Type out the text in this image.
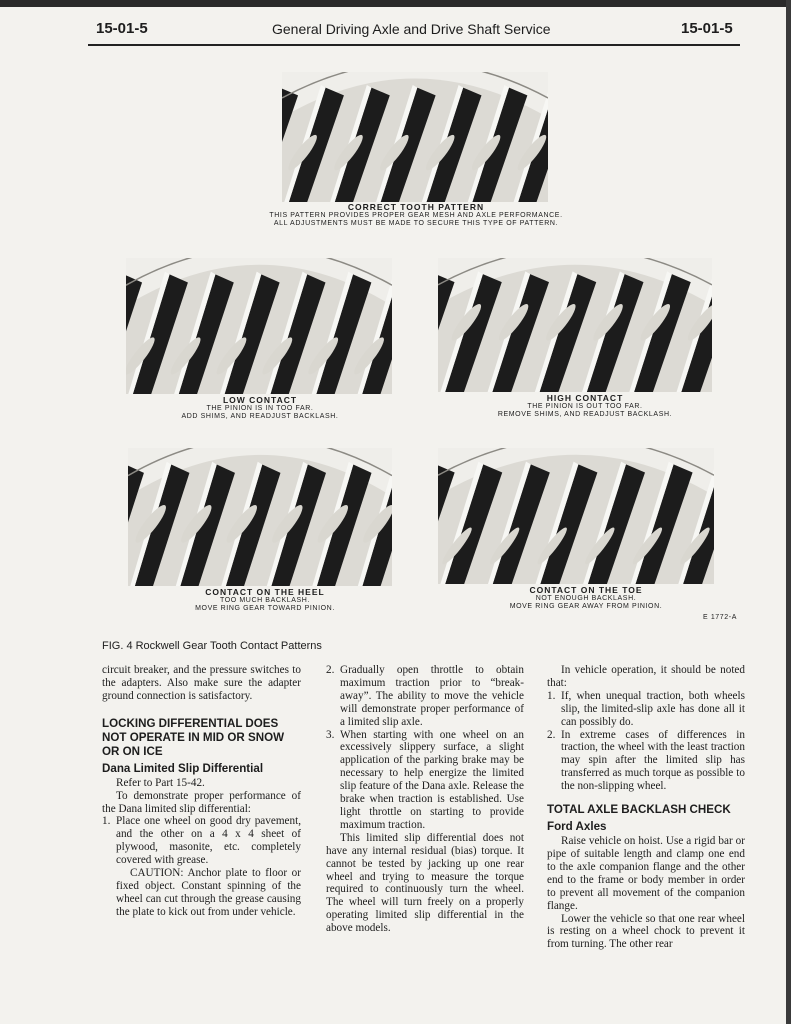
15-01-5	General Driving Axle and Drive Shaft Service	15-01-5
CORRECT TOOTH PATTERN
THIS PATTERN PROVIDES PROPER GEAR MESH AND AXLE PERFORMANCE.
ALL ADJUSTMENTS MUST BE MADE TO SECURE THIS TYPE OF PATTERN.
LOW CONTACT
THE PINION IS IN TOO FAR.
ADD SHIMS, AND READJUST BACKLASH.
HIGH CONTACT
THE PINION IS OUT TOO FAR.
REMOVE SHIMS, AND READJUST BACKLASH.
CONTACT ON THE HEEL
TOO MUCH BACKLASH.
MOVE RING GEAR TOWARD PINION.
CONTACT ON THE TOE
NOT ENOUGH BACKLASH.
MOVE RING GEAR AWAY FROM PINION.
E 1772-A
FIG. 4 Rockwell Gear Tooth Contact Patterns

circuit breaker, and the pressure switches to the adapters. Also make sure the adapter ground connection is satisfactory.

LOCKING DIFFERENTIAL DOES NOT OPERATE IN MID OR SNOW OR ON ICE

Dana Limited Slip Differential

Refer to Part 15-42.

To demonstrate proper performance of the Dana limited slip differential:

1. Place one wheel on good dry pavement, and the other on a 4 x 4 sheet of plywood, masonite, etc. completely covered with grease.
CAUTION: Anchor plate to floor or fixed object. Constant spinning of the wheel can cut through the grease causing the plate to kick out from under vehicle.
2. Gradually open throttle to obtain maximum traction prior to “break-away”. The ability to move the vehicle will demonstrate proper performance of a limited slip axle.
3. When starting with one wheel on an excessively slippery surface, a slight application of the parking brake may be necessary to help energize the limited slip feature of the Dana axle. Release the brake when traction is established. Use light throttle on starting to provide maximum traction.

This limited slip differential does not have any internal residual (bias) torque. It cannot be tested by jacking up one rear wheel and trying to measure the torque required to continuously turn the wheel. The wheel will turn freely on a properly operating limited slip differential in the above models.

In vehicle operation, it should be noted that:

1. If, when unequal traction, both wheels slip, the limited-slip axle has done all it can possibly do.
2. In extreme cases of differences in traction, the wheel with the least traction may spin after the limited slip has transferred as much torque as possible to the non-slipping wheel.

TOTAL AXLE BACKLASH CHECK

Ford Axles

Raise vehicle on hoist. Use a rigid bar or pipe of suitable length and clamp one end to the axle companion flange and the other end to the frame or body member in order to prevent all movement of the companion flange.

Lower the vehicle so that one rear wheel is resting on a wheel chock to prevent it from turning. The other rear
